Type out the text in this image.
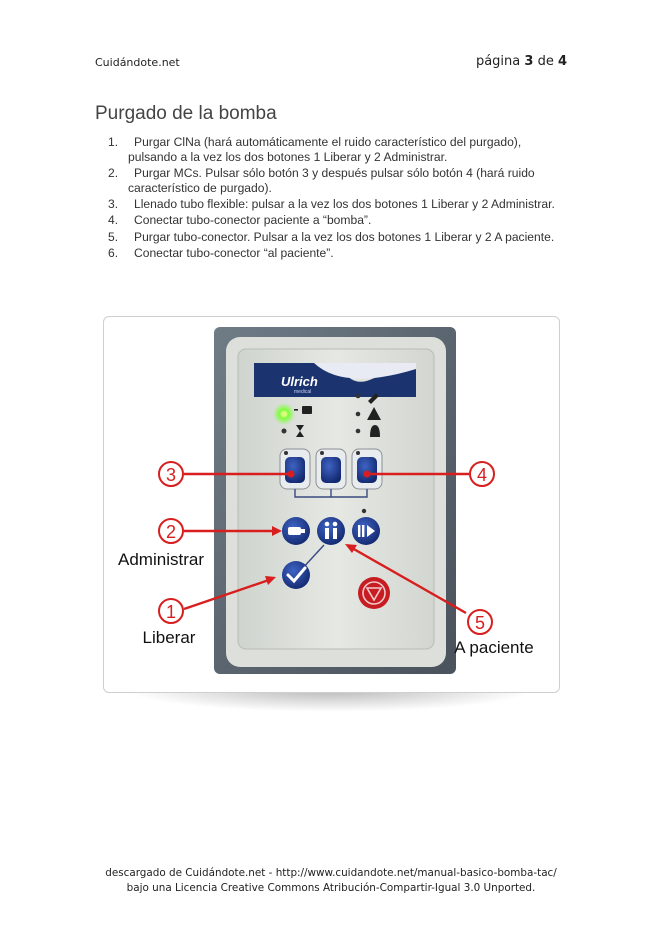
Cuidándote.net	página 3 de 4
Purgado de la bomba
1. Purgar ClNa (hará automáticamente el ruido característico del purgado), pulsando a la vez los dos botones 1 Liberar y 2 Administrar.
2. Purgar MCs. Pulsar sólo botón 3 y después pulsar sólo botón 4 (hará ruido característico de purgado).
3. Llenado tubo flexible: pulsar a la vez los dos botones 1 Liberar y 2 Administrar.
4. Conectar tubo-conector paciente a “bomba”.
5. Purgar tubo-conector. Pulsar a la vez los dos botones 1 Liberar y 2 A paciente.
6. Conectar tubo-conector “al paciente”.
Ulrich
medical
3	4
2
Administrar
1
Liberar
5
A paciente
descargado de Cuidándote.net - http://www.cuidandote.net/manual-basico-bomba-tac/
bajo una Licencia Creative Commons Atribución-Compartir-Igual 3.0 Unported.
